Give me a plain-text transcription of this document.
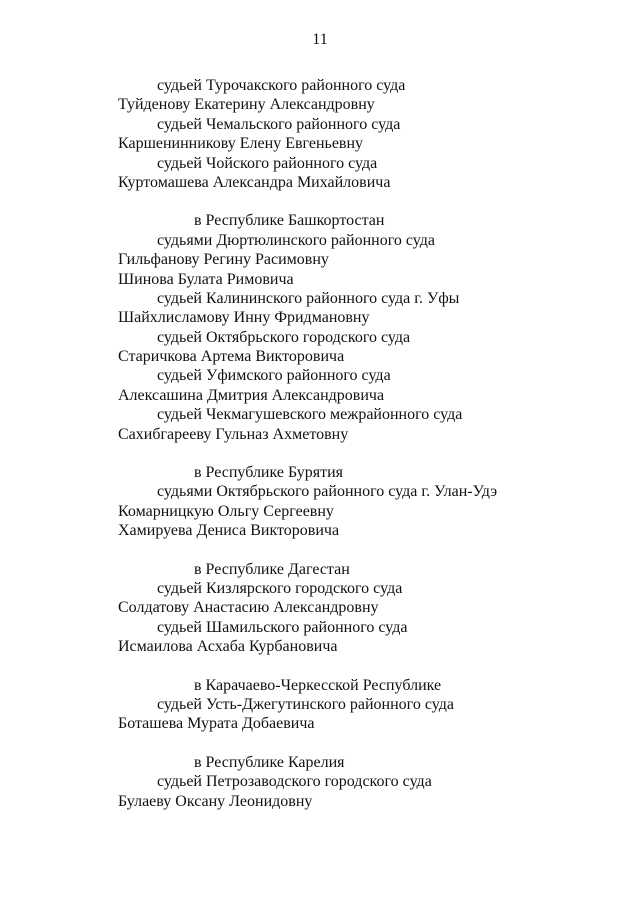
11
судьей Турочакского районного суда
Туйденову Екатерину Александровну
судьей Чемальского районного суда
Каршенинникову Елену Евгеньевну
судьей Чойского районного суда
Куртомашева Александра Михайловича
в Республике Башкортостан
судьями Дюртюлинского районного суда
Гильфанову Регину Расимовну
Шинова Булата Римовича
судьей Калининского районного суда г. Уфы
Шайхлисламову Инну Фридмановну
судьей Октябрьского городского суда
Старичкова Артема Викторовича
судьей Уфимского районного суда
Алексашина Дмитрия Александровича
судьей Чекмагушевского межрайонного суда
Сахибгарееву Гульназ Ахметовну
в Республике Бурятия
судьями Октябрьского районного суда г. Улан-Удэ
Комарницкую Ольгу Сергеевну
Хамируева Дениса Викторовича
в Республике Дагестан
судьей Кизлярского городского суда
Солдатову Анастасию Александровну
судьей Шамильского районного суда
Исмаилова Асхаба Курбановича
в Карачаево-Черкесской Республике
судьей Усть-Джегутинского районного суда
Боташева Мурата Добаевича
в Республике Карелия
судьей Петрозаводского городского суда
Булаеву Оксану Леонидовну
